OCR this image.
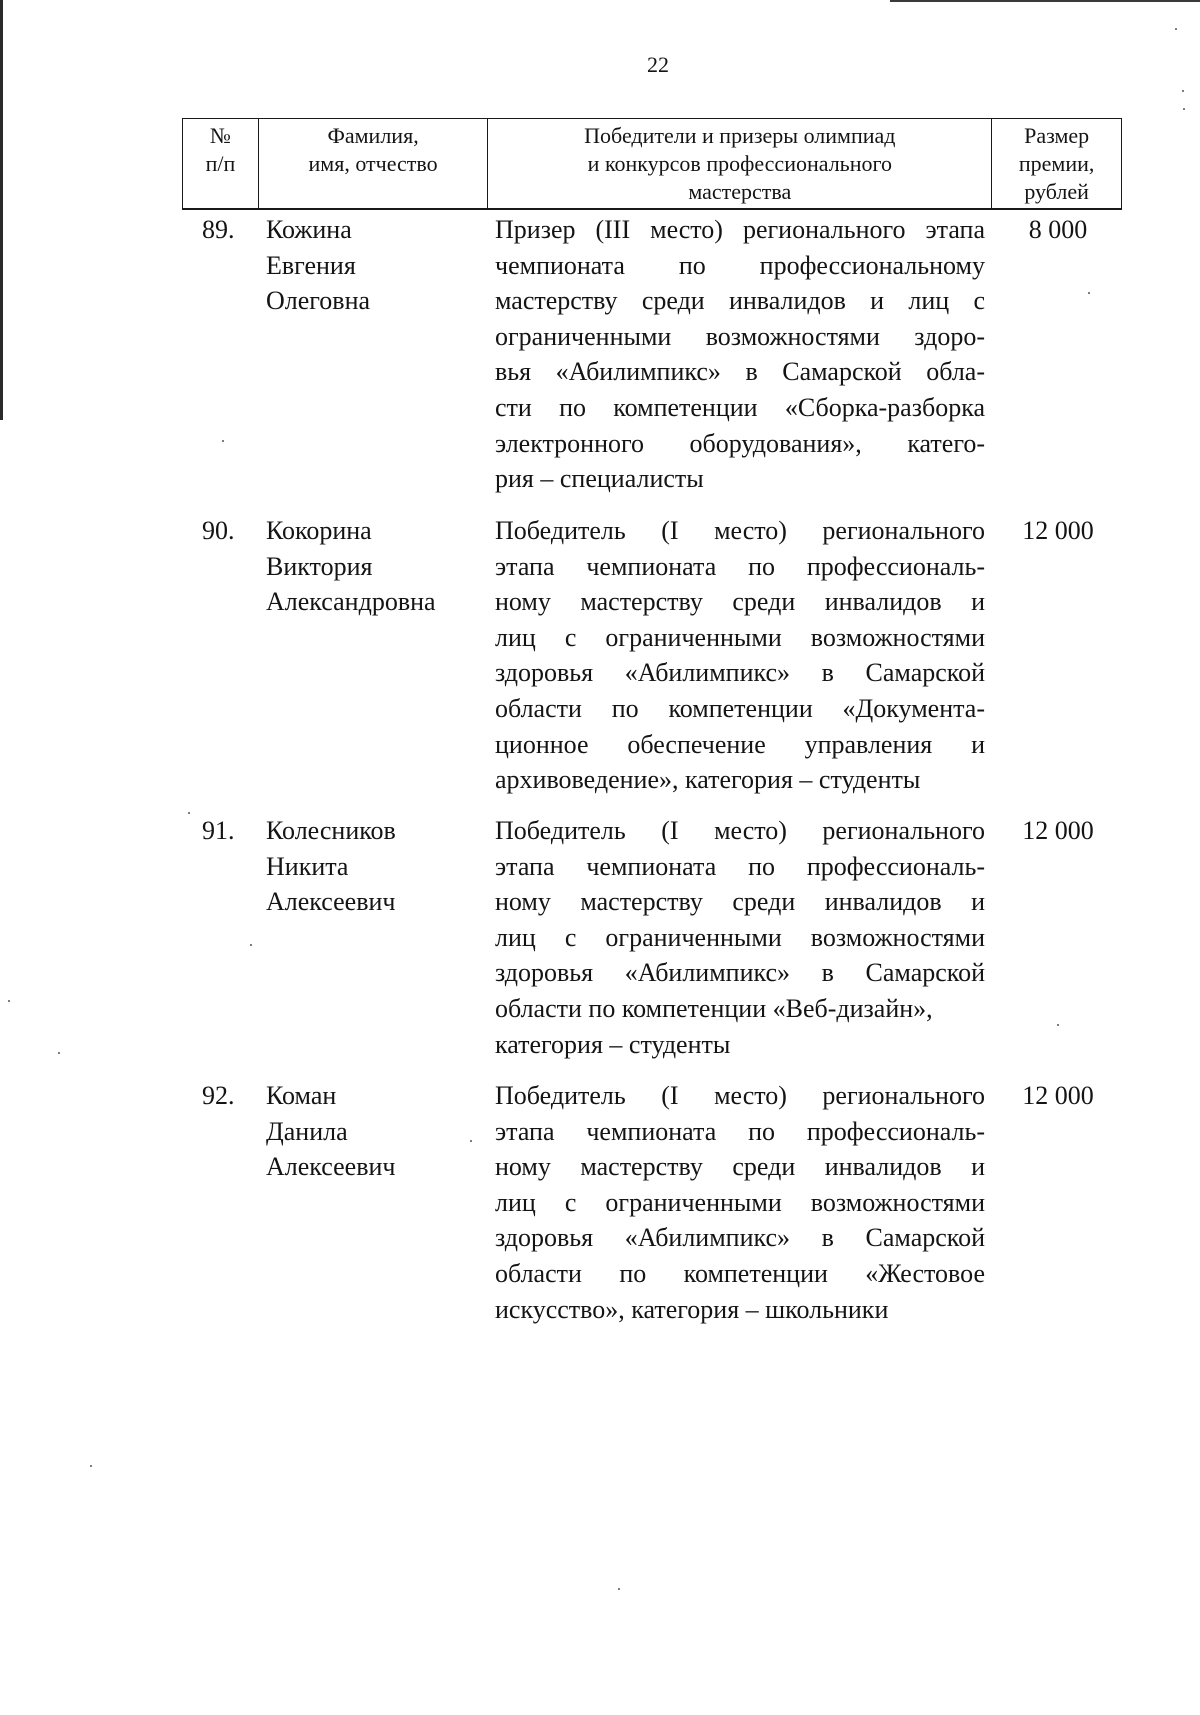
22
№
п/п
Фамилия,
имя, отчество
Победители и призеры олимпиад
и конкурсов профессионального
мастерства
Размер
премии,
рублей
89. Кожина
Евгения
Олеговна
Призер (III место) регионального этапа
чемпионата по профессиональному
мастерству среди инвалидов и лиц с
ограниченными возможностями здоро-
вья «Абилимпикс» в Самарской обла-
сти по компетенции «Сборка-разборка
электронного оборудования», катего-
рия – специалисты
8 000
90. Кокорина
Виктория
Александровна
Победитель (I место) регионального
этапа чемпионата по профессиональ-
ному мастерству среди инвалидов и
лиц с ограниченными возможностями
здоровья «Абилимпикс» в Самарской
области по компетенции «Документа-
ционное обеспечение управления и
архивоведение», категория – студенты
12 000
91. Колесников
Никита
Алексеевич
Победитель (I место) регионального
этапа чемпионата по профессиональ-
ному мастерству среди инвалидов и
лиц с ограниченными возможностями
здоровья «Абилимпикс» в Самарской
области по компетенции «Веб-дизайн»,
категория – студенты
12 000
92. Коман
Данила
Алексеевич
Победитель (I место) регионального
этапа чемпионата по профессиональ-
ному мастерству среди инвалидов и
лиц с ограниченными возможностями
здоровья «Абилимпикс» в Самарской
области по компетенции «Жестовое
искусство», категория – школьники
12 000
